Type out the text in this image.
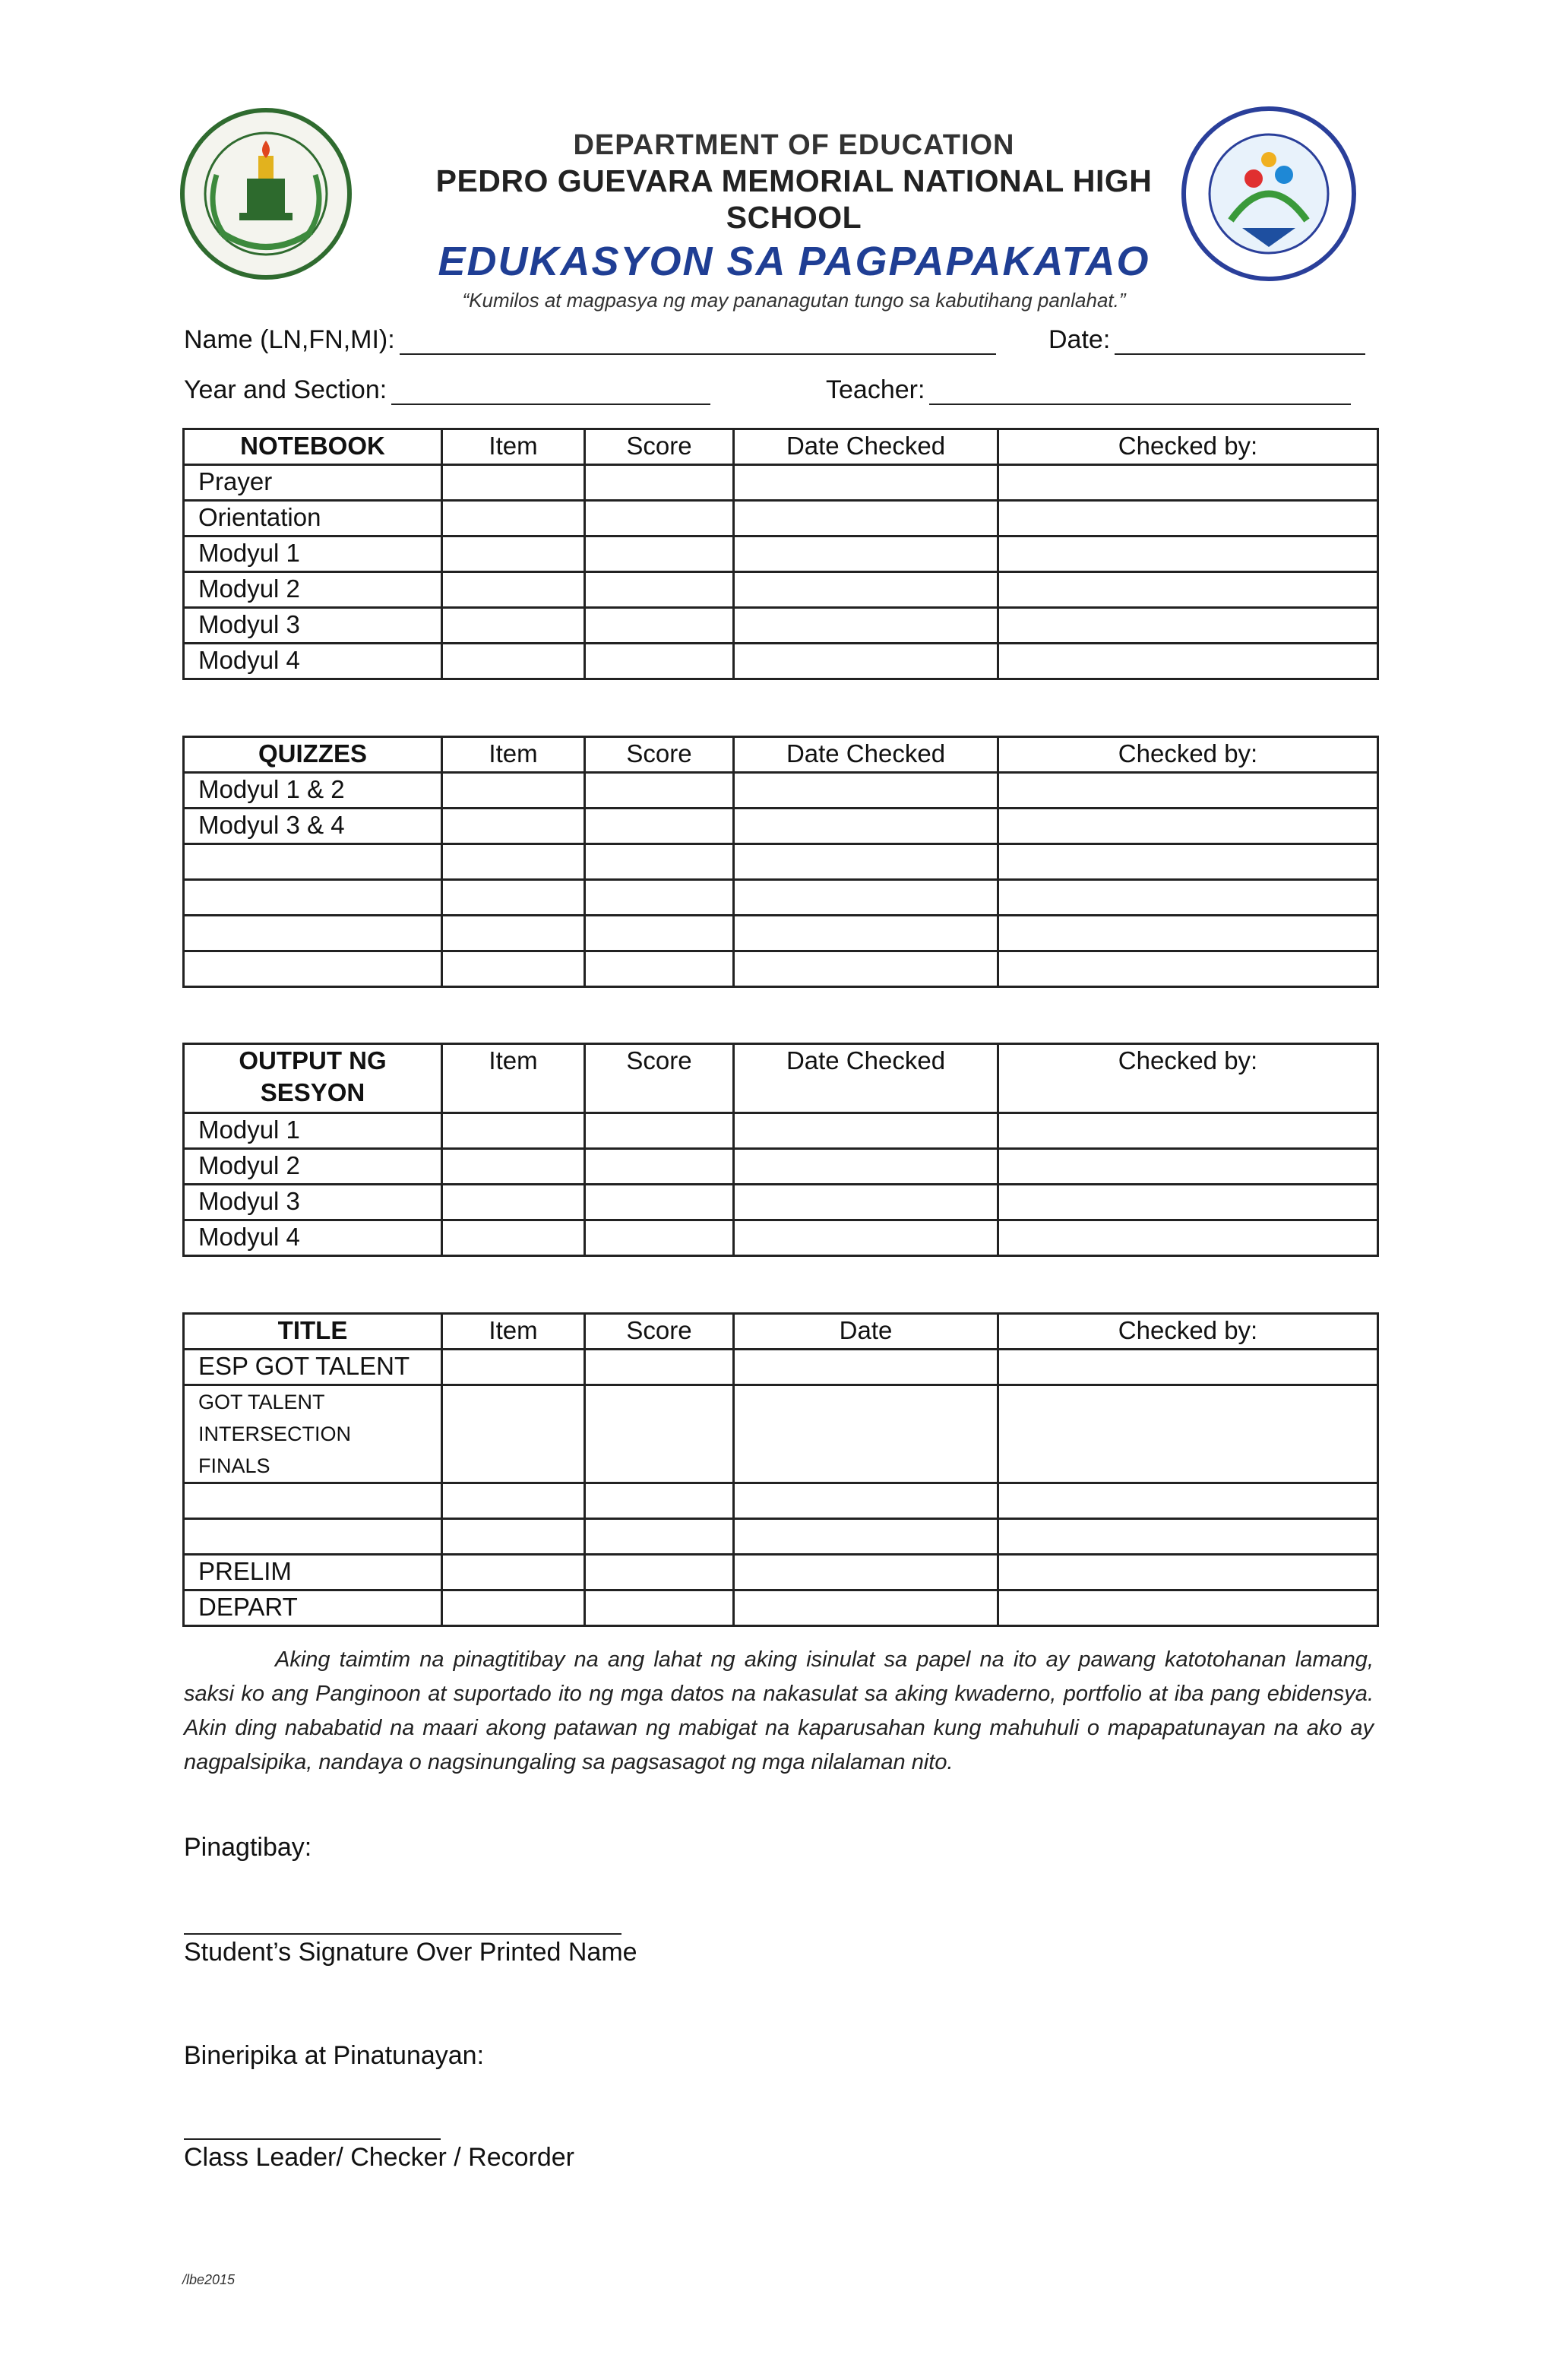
DEPARTMENT OF EDUCATION
PEDRO GUEVARA MEMORIAL NATIONAL HIGH SCHOOL
EDUKASYON SA PAGPAPAKATAO
“Kumilos at magpasya ng may pananagutan tungo sa kabutihang panlahat.”
Name (LN,FN,MI):	Date:
Year and Section:	Teacher:
NOTEBOOK	Item	Score	Date Checked	Checked by:
Prayer				
Orientation				
Modyul 1				
Modyul 2				
Modyul 3				
Modyul 4				
QUIZZES	Item	Score	Date Checked	Checked by:
Modyul 1 & 2				
Modyul 3 & 4				

OUTPUT NG SESYON	Item	Score	Date Checked	Checked by:
Modyul 1				
Modyul 2				
Modyul 3				
Modyul 4				
TITLE	Item	Score	Date	Checked by:
ESP GOT TALENT				
GOT TALENT INTERSECTION FINALS				

PRELIM				
DEPART				
Aking taimtim na pinagtitibay na ang lahat ng aking isinulat sa papel na ito ay pawang katotohanan lamang, saksi ko ang Panginoon at suportado ito ng mga datos na nakasulat sa aking kwaderno, portfolio at iba pang ebidensya. Akin ding nababatid na maari akong patawan ng mabigat na kaparusahan kung mahuhuli o mapapatunayan na ako ay nagpalsipika, nandaya o nagsinungaling sa pagsasagot ng mga nilalaman nito.
Pinagtibay:
Student’s Signature Over Printed Name
Bineripika at Pinatunayan:
Class Leader/ Checker / Recorder
/lbe2015
